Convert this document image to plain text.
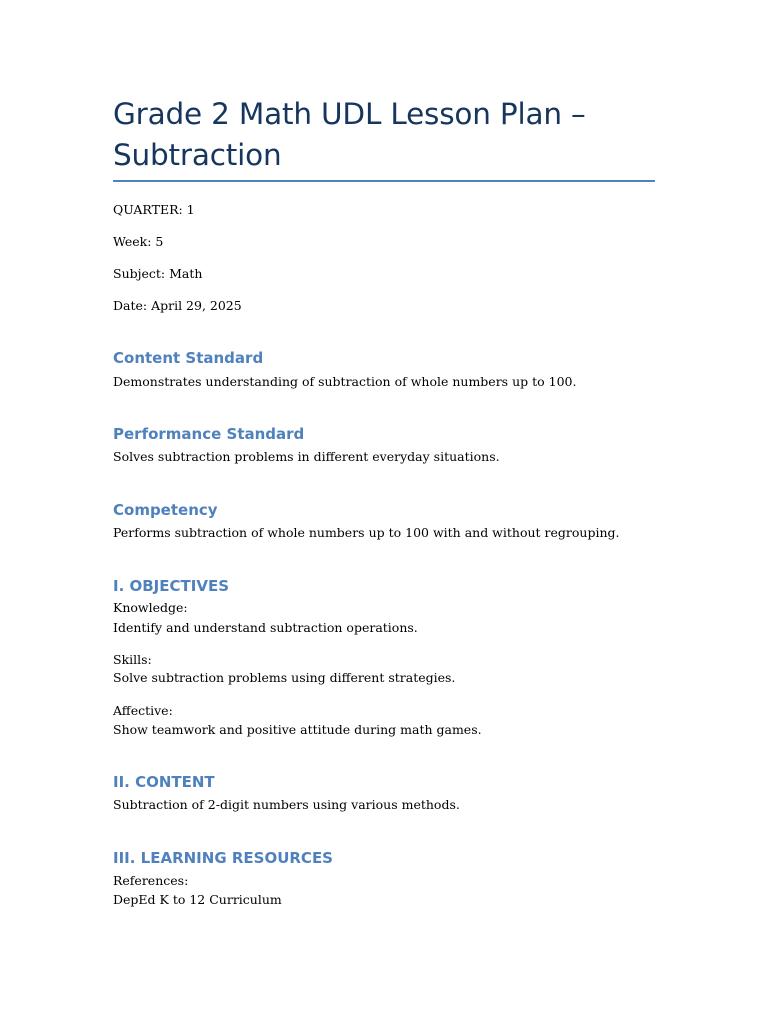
Grade 2 Math UDL Lesson Plan –
Subtraction

QUARTER: 1

Week: 5

Subject: Math

Date: April 29, 2025

Content Standard

Demonstrates understanding of subtraction of whole numbers up to 100.

Performance Standard

Solves subtraction problems in different everyday situations.

Competency

Performs subtraction of whole numbers up to 100 with and without regrouping.

I. OBJECTIVES

Knowledge:

Identify and understand subtraction operations.

Skills:

Solve subtraction problems using different strategies.

Affective:

Show teamwork and positive attitude during math games.

II. CONTENT

Subtraction of 2-digit numbers using various methods.

III. LEARNING RESOURCES

References:

DepEd K to 12 Curriculum
